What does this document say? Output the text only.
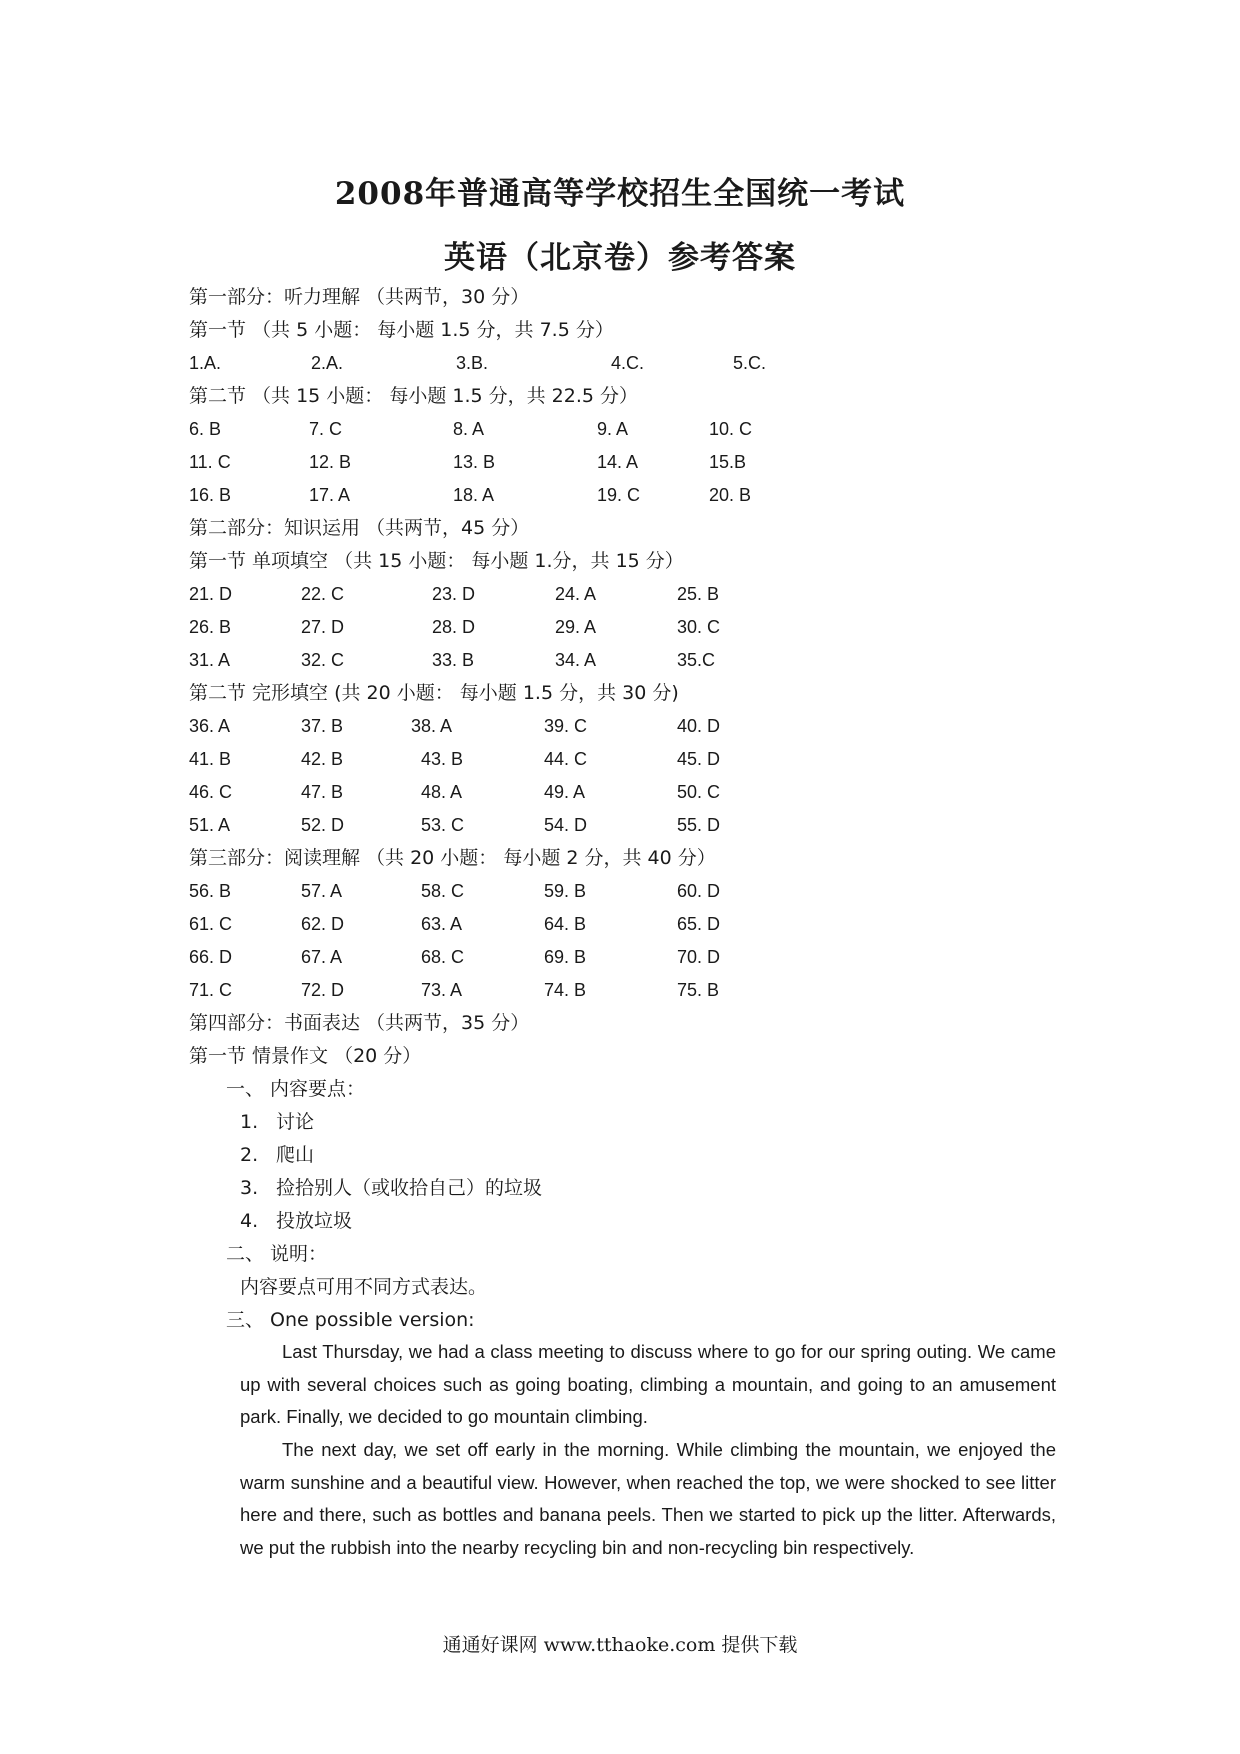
2008年普通高等学校招生全国统一考试
英语（北京卷）参考答案
第一部分：听力理解 （共两节，30 分）
第一节 （共 5 小题： 每小题 1.5 分，共 7.5 分）
1.A.	2.A.	3.B.	4.C.	5.C.
第二节 （共 15 小题： 每小题 1.5 分，共 22.5 分）
6. B	7. C	8. A	9. A	10. C
11. C	12. B	13. B	14. A	15.B
16. B	17. A	18. A	19. C	20. B
第二部分：知识运用 （共两节，45 分）
第一节 单项填空 （共 15 小题： 每小题 1.分，共 15 分）
21. D	22. C	23. D	24. A	25. B
26. B	27. D	28. D	29. A	30. C
31. A	32. C	33. B	34. A	35.C
第二节 完形填空 (共 20 小题： 每小题 1.5 分，共 30 分)
36. A	37. B	38. A	39. C	40. D
41. B	42. B	43. B	44. C	45. D
46. C	47. B	48. A	49. A	50. C
51. A	52. D	53. C	54. D	55. D
第三部分：阅读理解 （共 20 小题： 每小题 2 分，共 40 分）
56. B	57. A	58. C	59. B	60. D
61. C	62. D	63. A	64. B	65. D
66. D	67. A	68. C	69. B	70. D
71. C	72. D	73. A	74. B	75. B
第四部分：书面表达 （共两节，35 分）
第一节 情景作文 （20 分）
一、 内容要点：
1. 讨论
2. 爬山
3. 捡拾别人（或收拾自己）的垃圾
4. 投放垃圾
二、 说明：
内容要点可用不同方式表达。
三、 One possible version:

Last Thursday, we had a class meeting to discuss where to go for our spring outing. We came up with several choices such as going boating, climbing a mountain, and going to an amusement park. Finally, we decided to go mountain climbing.

The next day, we set off early in the morning. While climbing the mountain, we enjoyed the warm sunshine and a beautiful view. However, when reached the top, we were shocked to see litter here and there, such as bottles and banana peels. Then we started to pick up the litter. Afterwards, we put the rubbish into the nearby recycling bin and non-recycling bin respectively.

通通好课网 www.tthaoke.com 提供下载
